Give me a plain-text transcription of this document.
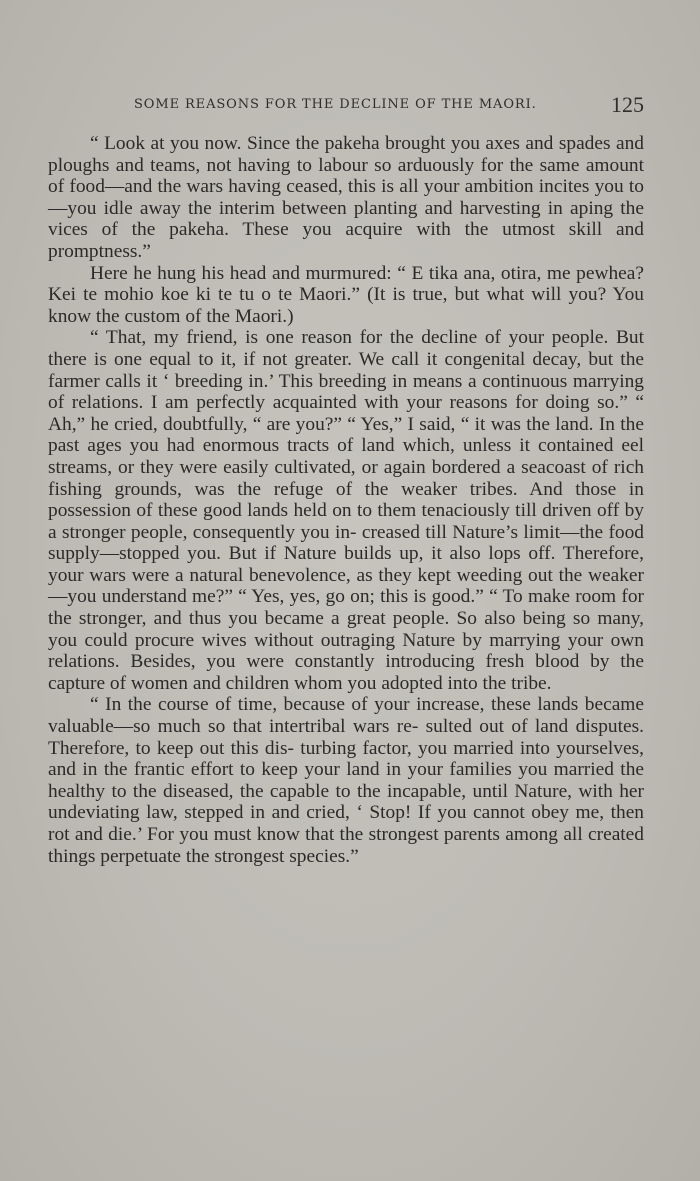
SOME REASONS FOR THE DECLINE OF THE MAORI.	125

“ Look at you now. Since the pakeha brought you axes and spades and ploughs and teams, not having to labour so arduously for the same amount of food—and the wars having ceased, this is all your ambition incites you to—you idle away the interim between planting and harvesting in aping the vices of the pakeha. These you acquire with the utmost skill and promptness.”

Here he hung his head and murmured: “ E tika ana, otira, me pewhea? Kei te mohio koe ki te tu o te Maori.” (It is true, but what will you? You know the custom of the Maori.)

“ That, my friend, is one reason for the decline of your people. But there is one equal to it, if not greater. We call it congenital decay, but the farmer calls it ‘ breeding in.’ This breeding in means a continuous marrying of relations. I am perfectly acquainted with your reasons for doing so.” “ Ah,” he cried, doubtfully, “ are you?” “ Yes,” I said, “ it was the land. In the past ages you had enormous tracts of land which, unless it contained eel streams, or they were easily cultivated, or again bordered a seacoast of rich fishing grounds, was the refuge of the weaker tribes. And those in possession of these good lands held on to them tenaciously till driven off by a stronger people, consequently you in- creased till Nature’s limit—the food supply—stopped you. But if Nature builds up, it also lops off. Therefore, your wars were a natural benevolence, as they kept weeding out the weaker—you understand me?” “ Yes, yes, go on; this is good.” “ To make room for the stronger, and thus you became a great people. So also being so many, you could procure wives without outraging Nature by marrying your own relations. Besides, you were constantly introducing fresh blood by the capture of women and children whom you adopted into the tribe.

“ In the course of time, because of your increase, these lands became valuable—so much so that intertribal wars re- sulted out of land disputes. Therefore, to keep out this dis- turbing factor, you married into yourselves, and in the frantic effort to keep your land in your families you married the healthy to the diseased, the capable to the incapable, until Nature, with her undeviating law, stepped in and cried, ‘ Stop! If you cannot obey me, then rot and die.’ For you must know that the strongest parents among all created things perpetuate the strongest species.”
